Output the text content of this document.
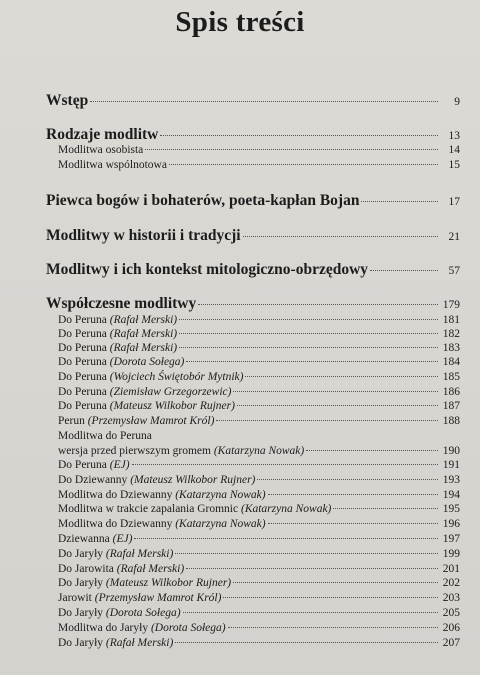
Spis treści
Wstęp	9
Rodzaje modlitw	13
Modlitwa osobista	14
Modlitwa wspólnotowa	15
Piewca bogów i bohaterów, poeta-kapłan Bojan	17
Modlitwy w historii i tradycji	21
Modlitwy i ich kontekst mitologiczno-obrzędowy	57
Współczesne modlitwy	179
Do Peruna (Rafał Merski)	181
Do Peruna (Rafał Merski)	182
Do Peruna (Rafał Merski)	183
Do Peruna (Dorota Sołega)	184
Do Peruna (Wojciech Świętobór Mytnik)	185
Do Peruna (Ziemisław Grzegorzewic)	186
Do Peruna (Mateusz Wilkobor Rujner)	187
Perun (Przemysław Mamrot Król)	188
Modlitwa do Peruna
wersja przed pierwszym gromem (Katarzyna Nowak)	190
Do Peruna (EJ)	191
Do Dziewanny (Mateusz Wilkobor Rujner)	193
Modlitwa do Dziewanny (Katarzyna Nowak)	194
Modlitwa w trakcie zapalania Gromnic (Katarzyna Nowak)	195
Modlitwa do Dziewanny (Katarzyna Nowak)	196
Dziewanna (EJ)	197
Do Jaryły (Rafał Merski)	199
Do Jarowita (Rafał Merski)	201
Do Jaryły (Mateusz Wilkobor Rujner)	202
Jarowit (Przemysław Mamrot Król)	203
Do Jaryły (Dorota Sołega)	205
Modlitwa do Jaryły (Dorota Sołega)	206
Do Jaryły (Rafał Merski)	207
